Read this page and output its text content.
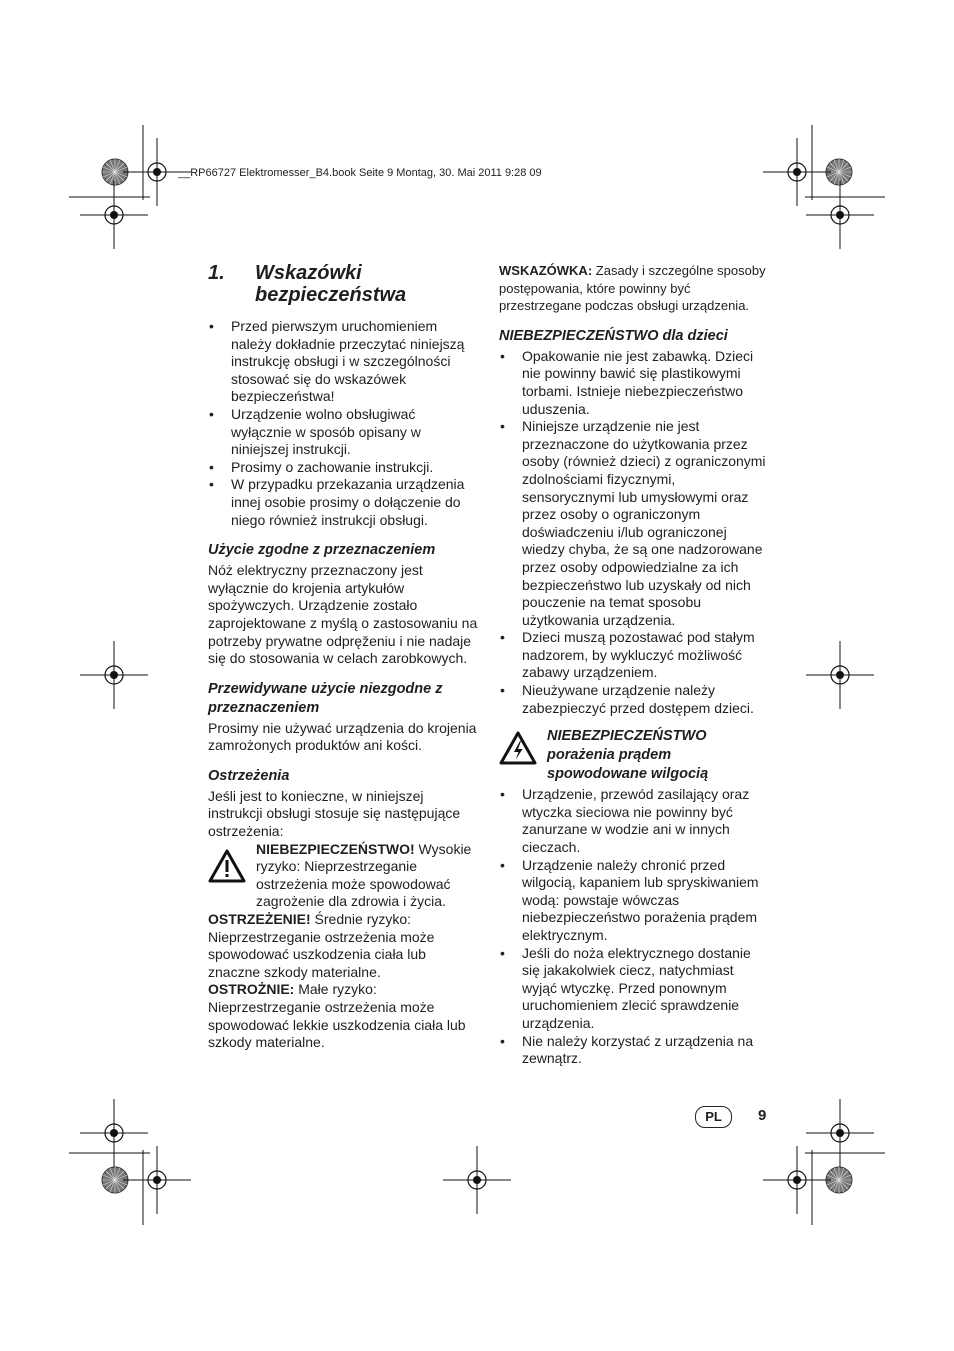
__RP66727 Elektromesser_B4.book Seite 9 Montag, 30. Mai 2011 9:28 09
1.	Wskazówki bezpieczeństwa
• Przed pierwszym uruchomieniem należy dokładnie przeczytać niniejszą instrukcję obsługi i w szczególności stosować się do wskazówek bezpieczeństwa!
• Urządzenie wolno obsługiwać wyłącznie w sposób opisany w niniejszej instrukcji.
• Prosimy o zachowanie instrukcji.
• W przypadku przekazania urządzenia innej osobie prosimy o dołączenie do niego również instrukcji obsługi.
Użycie zgodne z przeznaczeniem

Nóż elektryczny przeznaczony jest wyłącznie do krojenia artykułów spożywczych. Urządzenie zostało zaprojektowane z myślą o zastosowaniu na potrzeby prywatne odpręženiu i nie nadaje się do stosowania w celach zarobkowych.

Przewidywane użycie niezgodne z przeznaczeniem

Prosimy nie używać urządzenia do krojenia zamrożonych produktów ani kości.

Ostrzeżenia

Jeśli jest to konieczne, w niniejszej instrukcji obsługi stosuje się następujące ostrzeżenia:

NIEBEZPIECZEŃSTWO! Wysokie ryzyko: Nieprzestrzeganie ostrzeżenia może spowodować zagrożenie dla zdrowia i życia.

OSTRZEŻENIE! Średnie ryzyko: Nieprzestrzeganie ostrzeżenia może spowodować uszkodzenia ciała lub znaczne szkody materialne.

OSTROŻNIE: Małe ryzyko: Nieprzestrzeganie ostrzeżenia może spowodować lekkie uszkodzenia ciała lub szkody materialne.

WSKAZÓWKA: Zasady i szczególne sposoby postępowania, które powinny być przestrzegane podczas obsługi urządzenia.

NIEBEZPIECZEŃSTWO dla dzieci
• Opakowanie nie jest zabawką. Dzieci nie powinny bawić się plastikowymi torbami. Istnieje niebezpieczeństwo uduszenia.
• Niniejsze urządzenie nie jest przeznaczone do użytkowania przez osoby (również dzieci) z ograniczonymi zdolnościami fizycznymi, sensorycznymi lub umysłowymi oraz przez osoby o ograniczonym doświadczeniu i/lub ograniczonej wiedzy chyba, że są one nadzorowane przez osoby odpowiedzialne za ich bezpieczeństwo lub uzyskały od nich pouczenie na temat sposobu użytkowania urządzenia.
• Dzieci muszą pozostawać pod stałym nadzorem, by wykluczyć możliwość zabawy urządzeniem.
• Nieużywane urządzenie należy zabezpieczyć przed dostępem dzieci.
NIEBEZPIECZEŃSTWO porażenia prądem spowodowane wilgocią
• Urządzenie, przewód zasilający oraz wtyczka sieciowa nie powinny być zanurzane w wodzie ani w innych cieczach.
• Urządzenie należy chronić przed wilgocią, kapaniem lub spryskiwaniem wodą: powstaje wówczas niebezpieczeństwo porażenia prądem elektrycznym.
• Jeśli do noża elektrycznego dostanie się jakakolwiek ciecz, natychmiast wyjąć wtyczkę. Przed ponownym uruchomieniem zlecić sprawdzenie urządzenia.
• Nie należy korzystać z urządzenia na zewnątrz.
PL	9
